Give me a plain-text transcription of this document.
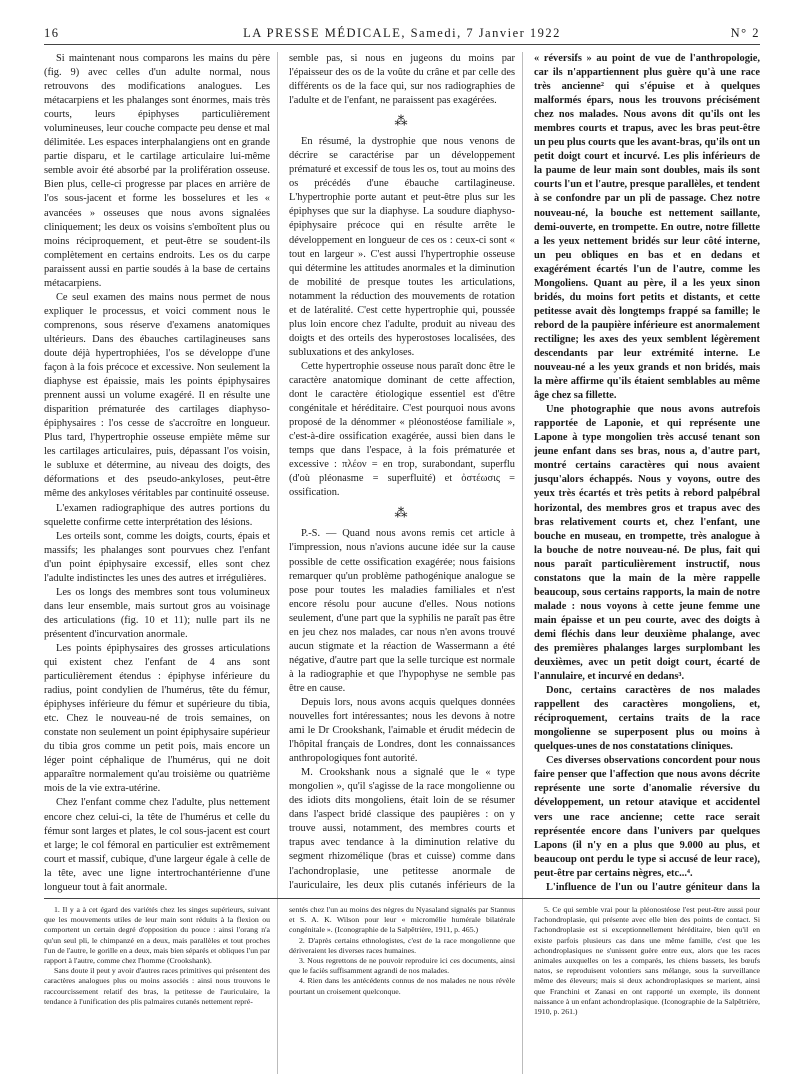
16	LA PRESSE MÉDICALE, Samedi, 7 Janvier 1922	N° 2

Si maintenant nous comparons les mains du père (fig. 9) avec celles d'un adulte normal, nous retrouvons des modifications analogues. Les métacarpiens et les phalanges sont énormes, mais très courts, leurs épiphyses particulièrement volumineuses, leur couche compacte peu dense et mal délimitée. Les espaces interphalangiens ont en grande partie disparu, et le cartilage articulaire lui-même semble avoir été absorbé par la prolifération osseuse. Bien plus, celle-ci progresse par places en arrière de l'os sous-jacent et forme les bosselures et les « avancées » osseuses que nous avons signalées cliniquement; les deux os voisins s'emboîtent plus ou moins réciproquement, et peut-être se soudent-ils complètement en certains endroits. Les os du carpe paraissent aussi en partie soudés à la base de certains métacarpiens.

Ce seul examen des mains nous permet de nous expliquer le processus, et voici comment nous le comprenons, sous réserve d'examens anatomiques ultérieurs. Dans des ébauches cartilagineuses sans doute déjà hypertrophiées, l'os se développe d'une façon à la fois précoce et excessive. Non seulement la diaphyse est épaissie, mais les points épiphysaires prennent aussi un volume exagéré. Il en résulte une disparition prématurée des cartilages diaphyso-épiphysaires : l'os cesse de s'accroître en longueur. Plus tard, l'hypertrophie osseuse empiète même sur les cartilages articulaires, puis, dépassant l'os voisin, le subluxe et détermine, au niveau des doigts, des déformations et des pseudo-ankyloses, peut-être même des ankyloses véritables par continuité osseuse.

L'examen radiographique des autres portions du squelette confirme cette interprétation des lésions.

Les orteils sont, comme les doigts, courts, épais et massifs; les phalanges sont pourvues chez l'enfant d'un point épiphysaire excessif, elles sont chez l'adulte indistinctes les unes des autres et irrégulières.

Les os longs des membres sont tous volumineux dans leur ensemble, mais surtout gros au voisinage des articulations (fig. 10 et 11); nulle part ils ne présentent d'incurvation anormale.

Les points épiphysaires des grosses articulations qui existent chez l'enfant de 4 ans sont particulièrement étendus : épiphyse inférieure du radius, point condylien de l'humérus, tête du fémur, épiphyses inférieure du fémur et supérieure du tibia, etc. Chez le nouveau-né de trois semaines, on constate non seulement un point épiphysaire supérieur du tibia gros comme un petit pois, mais encore un léger point céphalique de l'humérus, qui ne doit apparaître normalement qu'au troisième ou quatrième mois de la vie extra-utérine.

Chez l'enfant comme chez l'adulte, plus nettement encore chez celui-ci, la tête de l'humérus et celle du fémur sont larges et plates, le col sous-jacent est court et large; le col fémoral en particulier est extrêmement court et massif, cubique, d'une largeur égale à celle de la tête, avec une ligne intertrochantérienne d'une longueur tout à fait anormale.

semble pas, si nous en jugeons du moins par l'épaisseur des os de la voûte du crâne et par celle des différents os de la face qui, sur nos radiographies de l'adulte et de l'enfant, ne paraissent pas exagérées.

⁂

En résumé, la dystrophie que nous venons de décrire se caractérise par un développement prématuré et excessif de tous les os, tout au moins des os précédés d'une ébauche cartilagineuse. L'hypertrophie porte autant et peut-être plus sur les épiphyses que sur la diaphyse. La soudure diaphyso-épiphysaire précoce qui en résulte arrête le développement en longueur de ces os : ceux-ci sont « tout en largeur ». C'est aussi l'hypertrophie osseuse qui détermine les attitudes anormales et la diminution de mobilité de presque toutes les articulations, notamment la réduction des mouvements de rotation et de latéralité. C'est cette hypertrophie qui, poussée plus loin encore chez l'adulte, produit au niveau des doigts et des orteils des hyperostoses localisées, des subluxations et des ankyloses.

Cette hypertrophie osseuse nous paraît donc être le caractère anatomique dominant de cette affection, dont le caractère étiologique essentiel est d'être congénitale et héréditaire. C'est pourquoi nous avons proposé de la dénommer « pléonostéose familiale », c'est-à-dire ossification exagérée, aussi bien dans le temps que dans l'espace, à la fois prématurée et excessive : πλέον = en trop, surabondant, superflu (d'où pléonasme = superfluité) et ὀστέωσις = ossification.

⁂

P.-S. — Quand nous avons remis cet article à l'impression, nous n'avions aucune idée sur la cause possible de cette ossification exagérée; nous faisions remarquer qu'un problème pathogénique analogue se pose pour toutes les maladies familiales et n'est encore résolu pour aucune d'elles. Nous notions seulement, d'une part que la syphilis ne paraît pas être en jeu chez nos malades, car nous n'en avons trouvé aucun stigmate et la réaction de Wassermann a été négative, d'autre part que la selle turcique est normale à la radiographie et que l'hypophyse ne semble pas être en cause.

Depuis lors, nous avons acquis quelques données nouvelles fort intéressantes; nous les devons à notre ami le Dr Crookshank, l'aimable et érudit médecin de l'hôpital français de Londres, dont les connaissances anthropologiques font autorité.

M. Crookshank nous a signalé que le « type mongolien », qu'il s'agisse de la race mongolienne ou des idiots dits mongoliens, était loin de se résumer dans l'aspect bridé classique des paupières : on y trouve aussi, notamment, des membres courts et trapus avec tendance à la diminution relative du segment rhizomélique (bras et cuisse) comme dans l'achondroplasie, une petitesse anormale de l'auriculaire, les deux plis cutanés inférieurs de la

« réversifs » au point de vue de l'anthropologie, car ils n'appartiennent plus guère qu'à une race très ancienne² qui s'épuise et à quelques malformés épars, nous les trouvons précisément chez nos malades. Nous avons dit qu'ils ont les membres courts et trapus, avec les bras peut-être un peu plus courts que les avant-bras, qu'ils ont un petit doigt court et incurvé. Les plis inférieurs de la paume de leur main sont doubles, mais ils sont courts l'un et l'autre, presque parallèles, et tendent à se confondre par un pli de passage. Chez notre nouveau-né, la bouche est nettement saillante, demi-ouverte, en trompette. En outre, notre fillette a les yeux nettement bridés sur leur côté interne, un peu obliques en bas et en dedans et exagérément écartés l'un de l'autre, comme les Mongoliens. Quant au père, il a les yeux sinon bridés, du moins fort petits et distants, et cette petitesse avait dès longtemps frappé sa famille; le rebord de la paupière inférieure est anormalement rectiligne; les axes des yeux semblent légèrement descendants par leur extrémité interne. Le nouveau-né a les yeux grands et non bridés, mais la mère affirme qu'ils étaient semblables au même âge chez sa fillette.

Une photographie que nous avons autrefois rapportée de Laponie, et qui représente une Lapone à type mongolien très accusé tenant son jeune enfant dans ses bras, nous a, d'autre part, montré certains caractères qui nous avaient jusqu'alors échappés. Nous y voyons, outre des yeux très écartés et très petits à rebord palpébral horizontal, des membres gros et trapus avec des bras relativement courts et, chez l'enfant, une bouche en museau, en trompette, très analogue à la bouche de notre nouveau-né. De plus, fait qui nous paraît particulièrement instructif, nous constatons que la main de la mère rappelle beaucoup, sous certains rapports, la main de notre malade : nous voyons à cette jeune femme une main épaisse et un peu courte, avec des doigts à demi fléchis dans leur deuxième phalange, avec des premières phalanges larges surplombant les deuxièmes, avec un petit doigt court, écarté de l'annulaire, et incurvé en dedans³.

Donc, certains caractères de nos malades rappellent des caractères mongoliens, et, réciproquement, certains traits de la race mongolienne se superposent plus ou moins à quelques-unes de nos constatations cliniques.

Ces diverses observations concordent pour nous faire penser que l'affection que nous avons décrite représente une sorte d'anomalie réversive du développement, un retour atavique et accidentel vers une race ancienne; cette race serait représentée encore dans l'univers par quelques Lapons (il n'y en a plus que 9.000 au plus, et beaucoup ont perdu le type si accusé de leur race), peut-être par certains nègres, etc...⁴.

L'influence de l'un ou l'autre géniteur dans la

1. Il y a à cet égard des variétés chez les singes supérieurs, suivant que les mouvements utiles de leur main sont réduits à la flexion ou comportent un certain degré d'opposition du pouce : ainsi l'orang n'a qu'un seul pli, le chimpanzé en a deux, mais parallèles et tout proches l'un de l'autre, le gorille en a deux, mais bien séparés et obliques l'un par rapport à l'autre, comme chez l'homme (Crookshank).

Sans doute il peut y avoir d'autres races primitives qui présentent des caractères analogues plus ou moins associés : ainsi nous trouvons le raccourcissement relatif des bras, la petitesse de l'auriculaire, la tendance à l'unification des plis palmaires cutanés nettement repré-

sentés chez l'un au moins des nègres du Nyasaland signalés par Stannus et S. A. K. Wilson pour leur « micromélie humérale bilatérale congénitale ». (Iconographie de la Salpêtrière, 1911, p. 465.)

2. D'après certains ethnologistes, c'est de la race mongolienne que dériveraient les diverses races humaines.

3. Nous regrettons de ne pouvoir reproduire ici ces documents, ainsi que le faciès suffisamment agrandi de nos malades.

4. Rien dans les antécédents connus de nos malades ne nous révèle pourtant un croisement quelconque.

5. Ce qui semble vrai pour la pléonostéose l'est peut-être aussi pour l'achondroplasie, qui présente avec elle bien des points de contact. Si l'achondroplasie est si exceptionnellement héréditaire, bien qu'il en existe parfois plusieurs cas dans une même famille, c'est que les achondroplasiques ne s'unissent guère entre eux, alors que les races animales auxquelles on les a comparés, les chiens bassets, les bœufs natos, se reproduisent volontiers sans mélange, sous la surveillance même des éleveurs; mais si deux achondroplasiques se marient, ainsi que Franchini et Zanasi en ont rapporté un exemple, ils donnent naissance à un enfant achondroplasique. (Iconographie de la Salpêtrière, 1910, p. 261.)
